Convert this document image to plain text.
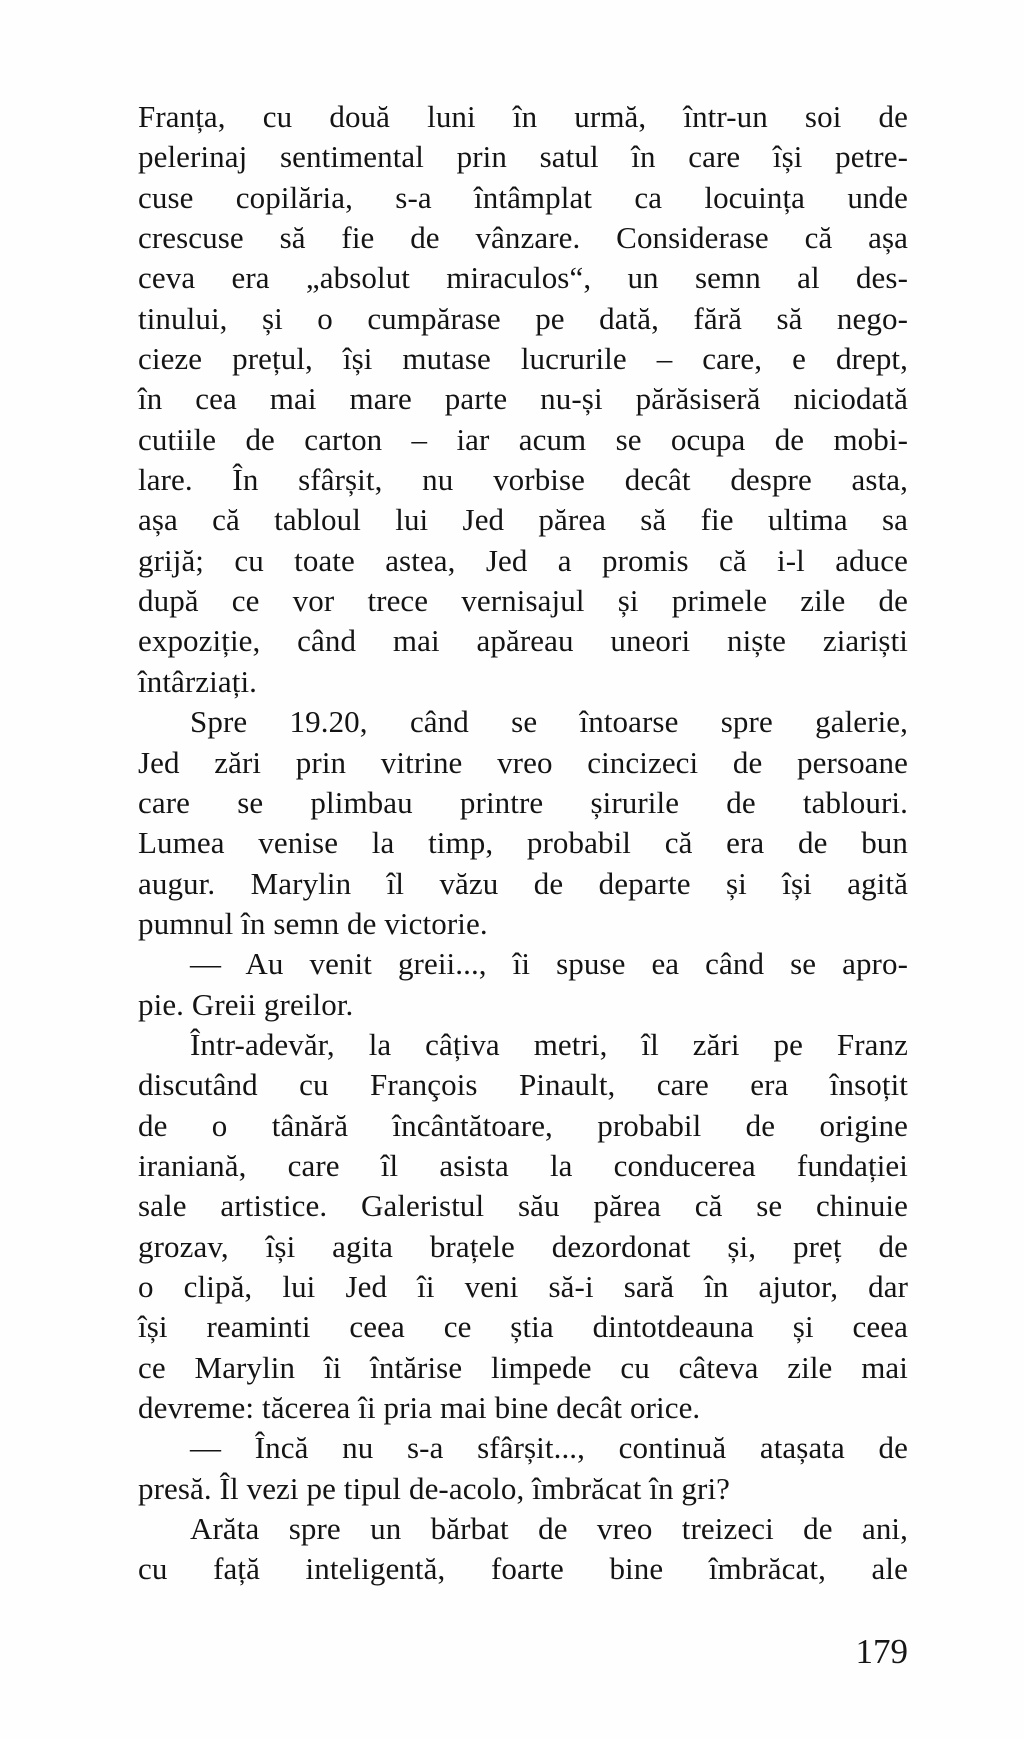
Franța, cu două luni în urmă, într-un soi de
pelerinaj sentimental prin satul în care își petre-
cuse copilăria, s-a întâmplat ca locuința unde
crescuse să fie de vânzare. Considerase că așa
ceva era „absolut miraculos“, un semn al des-
tinului, și o cumpărase pe dată, fără să nego-
cieze prețul, își mutase lucrurile – care, e drept,
în cea mai mare parte nu-și părăsiseră niciodată
cutiile de carton – iar acum se ocupa de mobi-
lare. În sfârșit, nu vorbise decât despre asta,
așa că tabloul lui Jed părea să fie ultima sa
grijă; cu toate astea, Jed a promis că i-l aduce
după ce vor trece vernisajul și primele zile de
expoziție, când mai apăreau uneori niște ziariști
întârziați.
Spre 19.20, când se întoarse spre galerie,
Jed zări prin vitrine vreo cincizeci de persoane
care se plimbau printre șirurile de tablouri.
Lumea venise la timp, probabil că era de bun
augur. Marylin îl văzu de departe și își agită
pumnul în semn de victorie.
— Au venit greii..., îi spuse ea când se apro-
pie. Greii greilor.
Într-adevăr, la câțiva metri, îl zări pe Franz
discutând cu François Pinault, care era însoțit
de o tânără încântătoare, probabil de origine
iraniană, care îl asista la conducerea fundației
sale artistice. Galeristul său părea că se chinuie
grozav, își agita brațele dezordonat și, preț de
o clipă, lui Jed îi veni să-i sară în ajutor, dar
își reaminti ceea ce știa dintotdeauna și ceea
ce Marylin îi întărise limpede cu câteva zile mai
devreme: tăcerea îi pria mai bine decât orice.
— Încă nu s-a sfârșit..., continuă atașata de
presă. Îl vezi pe tipul de-acolo, îmbrăcat în gri?
Arăta spre un bărbat de vreo treizeci de ani,
cu față inteligentă, foarte bine îmbrăcat, ale
179
